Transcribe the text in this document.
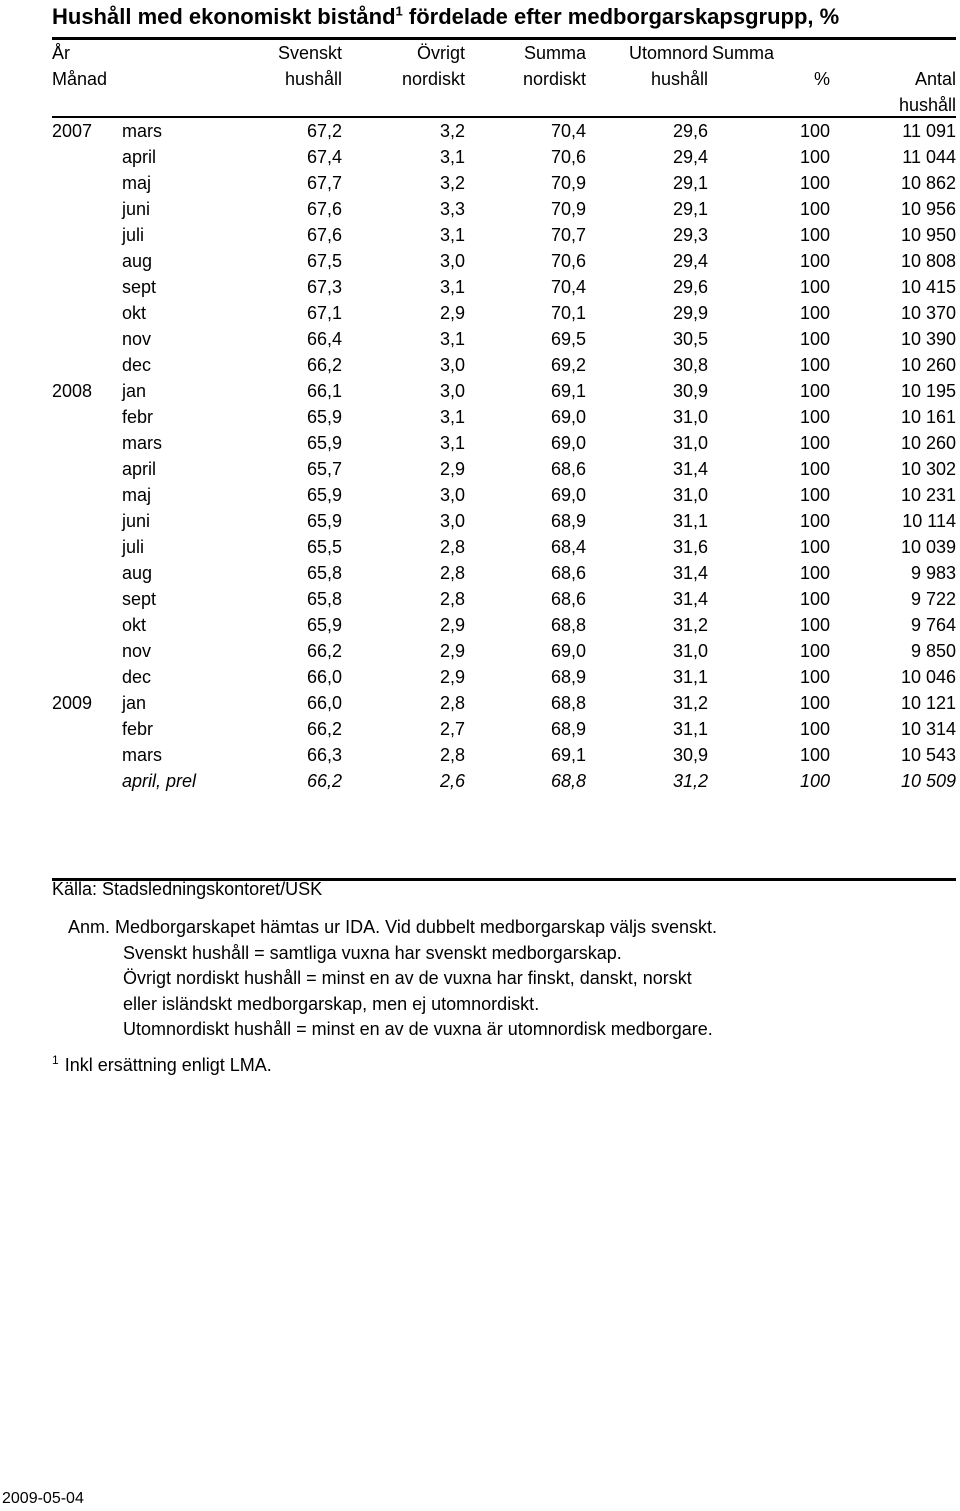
Hushåll med ekonomiskt bistånd$^1$ fördelade efter medborgarskapsgrupp, %
År		Svenskt	Övrigt	Summa	Utomnord	Summa	
Månad		hushåll	nordiskt	nordiskt	hushåll	%	Antal
							hushåll
2007	mars	67,2	3,2	70,4	29,6	100	11 091
	april	67,4	3,1	70,6	29,4	100	11 044
	maj	67,7	3,2	70,9	29,1	100	10 862
	juni	67,6	3,3	70,9	29,1	100	10 956
	juli	67,6	3,1	70,7	29,3	100	10 950
	aug	67,5	3,0	70,6	29,4	100	10 808
	sept	67,3	3,1	70,4	29,6	100	10 415
	okt	67,1	2,9	70,1	29,9	100	10 370
	nov	66,4	3,1	69,5	30,5	100	10 390
	dec	66,2	3,0	69,2	30,8	100	10 260
2008	jan	66,1	3,0	69,1	30,9	100	10 195
	febr	65,9	3,1	69,0	31,0	100	10 161
	mars	65,9	3,1	69,0	31,0	100	10 260
	april	65,7	2,9	68,6	31,4	100	10 302
	maj	65,9	3,0	69,0	31,0	100	10 231
	juni	65,9	3,0	68,9	31,1	100	10 114
	juli	65,5	2,8	68,4	31,6	100	10 039
	aug	65,8	2,8	68,6	31,4	100	9 983
	sept	65,8	2,8	68,6	31,4	100	9 722
	okt	65,9	2,9	68,8	31,2	100	9 764
	nov	66,2	2,9	69,0	31,0	100	9 850
	dec	66,0	2,9	68,9	31,1	100	10 046
2009	jan	66,0	2,8	68,8	31,2	100	10 121
	febr	66,2	2,7	68,9	31,1	100	10 314
	mars	66,3	2,8	69,1	30,9	100	10 543
	april, prel	66,2	2,6	68,8	31,2	100	10 509
Källa: Stadsledningskontoret/USK
Anm. Medborgarskapet hämtas ur IDA. Vid dubbelt medborgarskap väljs svenskt.
Svenskt hushåll = samtliga vuxna har svenskt medborgarskap.
Övrigt nordiskt hushåll = minst en av de vuxna har finskt, danskt, norskt
eller isländskt medborgarskap, men ej utomnordiskt.
Utomnordiskt hushåll = minst en av de vuxna är utomnordisk medborgare.
$^1$ Inkl ersättning enligt LMA.
2009-05-04
